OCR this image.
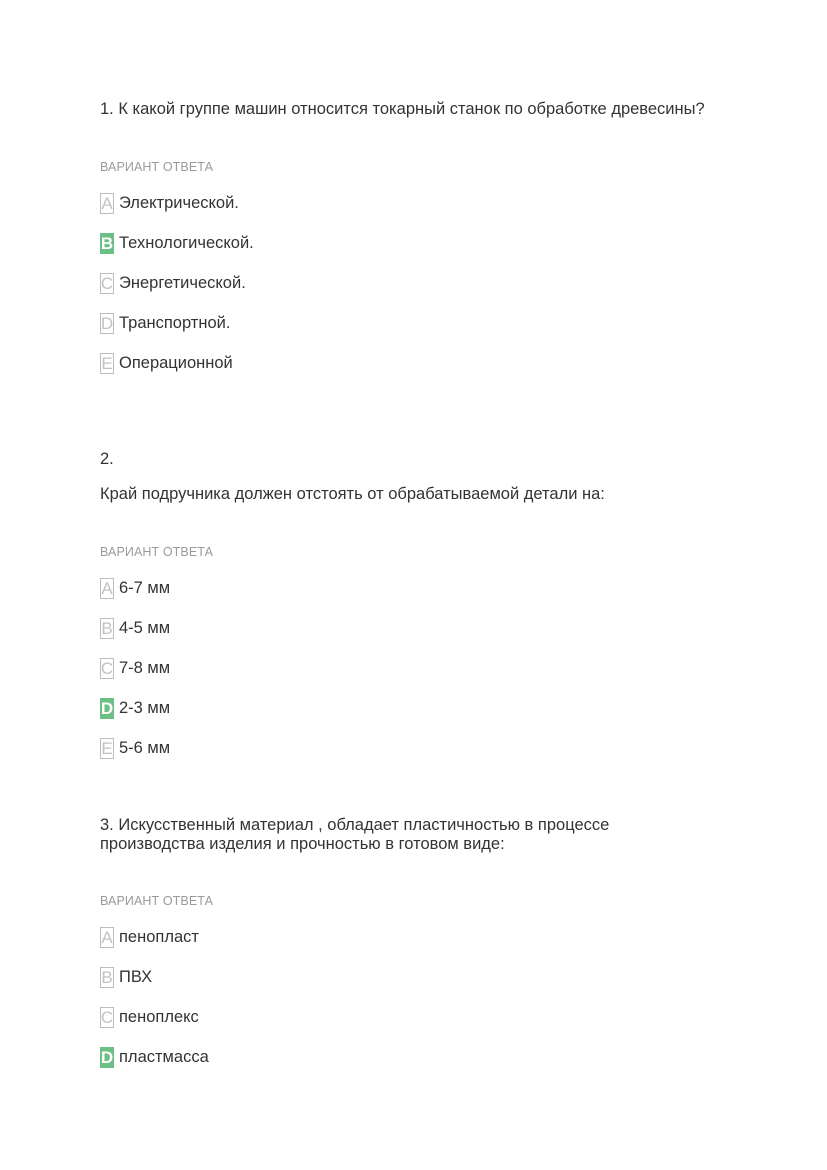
1. К какой группе машин относится токарный станок по обработке древесины?

ВАРИАНТ ОТВЕТА

A Электрической.
B Технологической.
C Энергетической.
D Транспортной.
E Операционной

2.

Край подручника должен отстоять от обрабатываемой детали на:

ВАРИАНТ ОТВЕТА

A 6-7 мм
B 4-5 мм
C 7-8 мм
D 2-3 мм
E 5-6 мм

3. Искусственный материал , обладает пластичностью в процессе

производства изделия и прочностью в готовом виде:

ВАРИАНТ ОТВЕТА

A пенопласт
B ПВХ
C пеноплекс
D пластмасса
